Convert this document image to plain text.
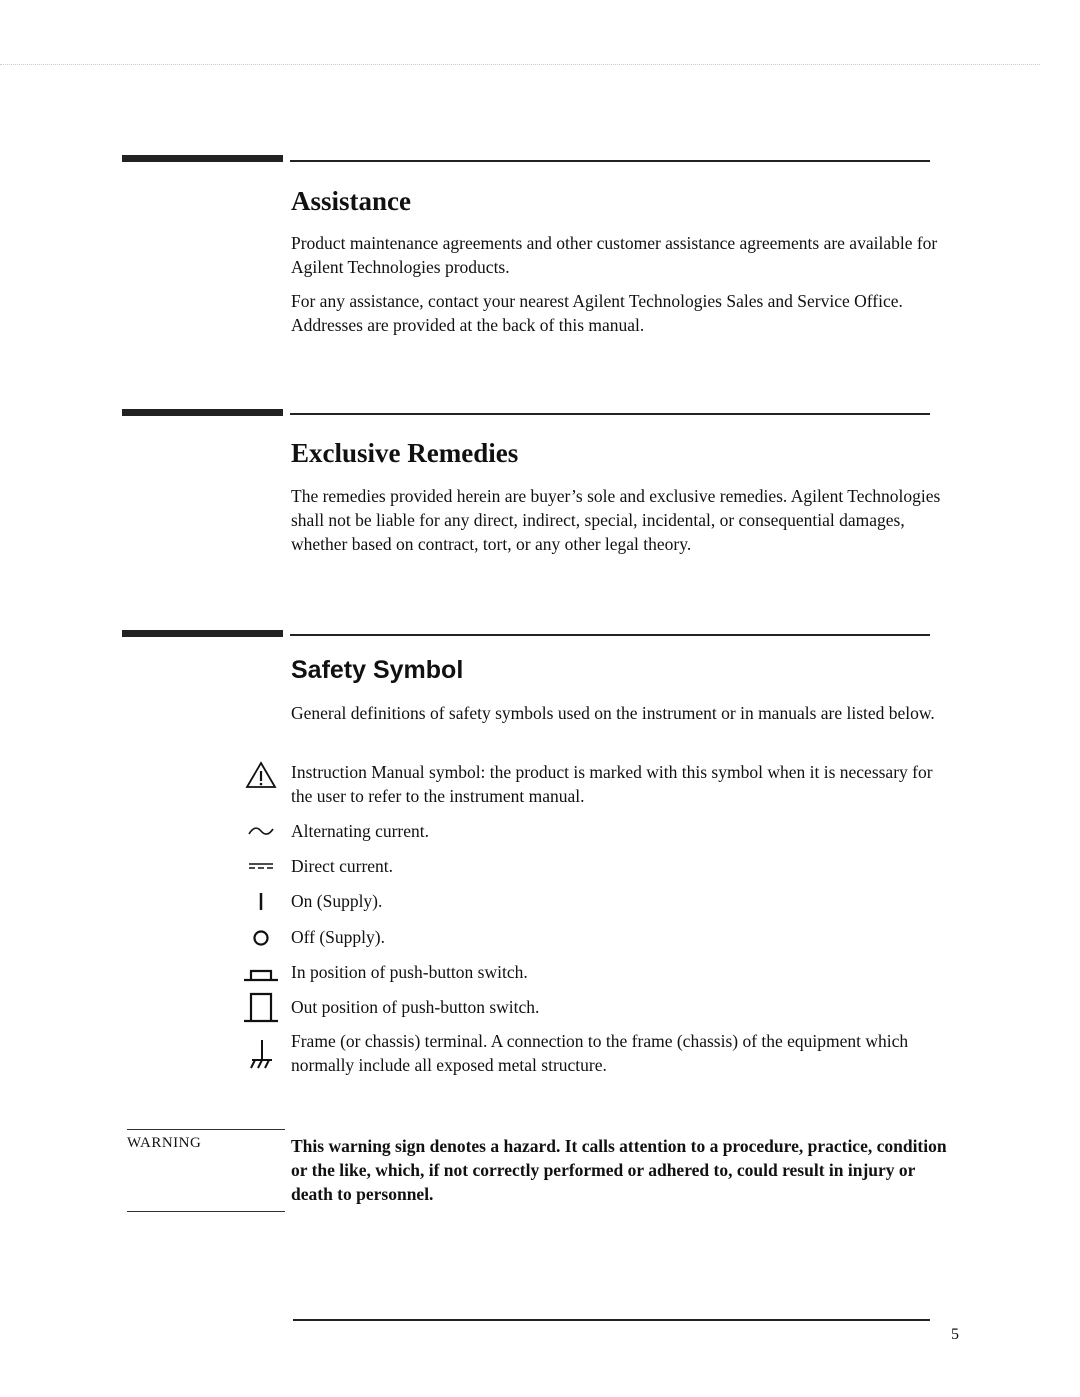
Assistance

Product maintenance agreements and other customer assistance agreements are available for Agilent Technologies products.

For any assistance, contact your nearest Agilent Technologies Sales and Service Office. Addresses are provided at the back of this manual.

Exclusive Remedies

The remedies provided herein are buyer’s sole and exclusive remedies. Agilent Technologies shall not be liable for any direct, indirect, special, incidental, or consequential damages, whether based on contract, tort, or any other legal theory.

Safety Symbol

General definitions of safety symbols used on the instrument or in manuals are listed below.

Instruction Manual symbol: the product is marked with this symbol when it is necessary for the user to refer to the instrument manual.

Alternating current.

Direct current.

On (Supply).

Off (Supply).

In position of push-button switch.

Out position of push-button switch.

Frame (or chassis) terminal. A connection to the frame (chassis) of the equipment which normally include all exposed metal structure.

WARNING	This warning sign denotes a hazard. It calls attention to a procedure, practice, condition or the like, which, if not correctly performed or adhered to, could result in injury or death to personnel.
5
